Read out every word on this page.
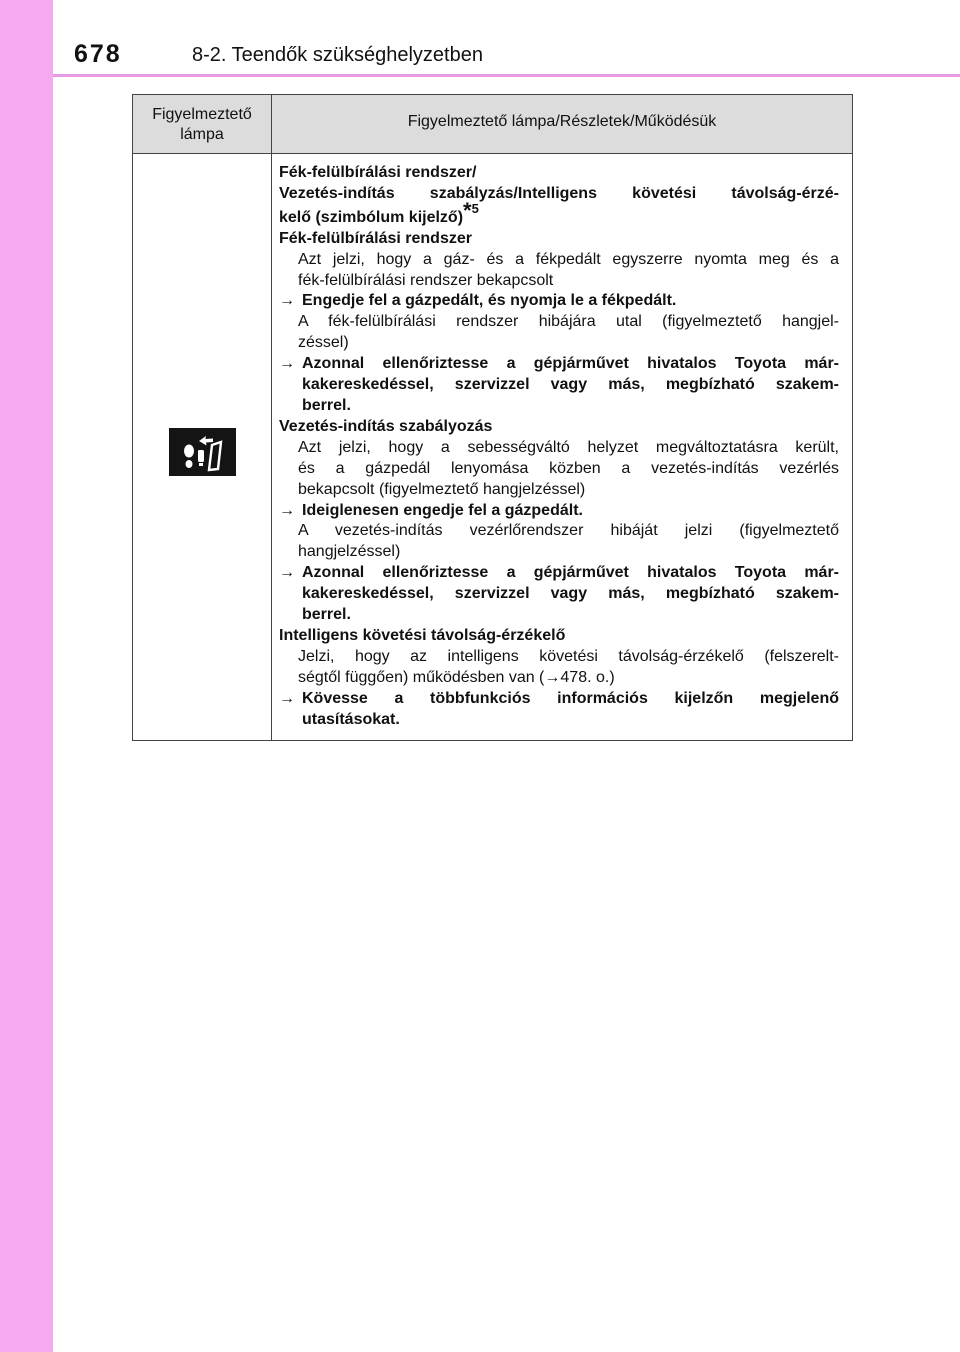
678	8-2. Teendők szükséghelyzetben
Figyelmeztető
lámpa
Figyelmeztető lámpa/Részletek/Működésük
Fék-felülbírálási rendszer/
Vezetés-indítás szabályzás/Intelligens követési távolság-érzé-
kelő (szimbólum kijelző)*$^5$
Fék-felülbírálási rendszer
Azt jelzi, hogy a gáz- és a fékpedált egyszerre nyomta meg és a
fék-felülbírálási rendszer bekapcsolt
→ Engedje fel a gázpedált, és nyomja le a fékpedált.
A fék-felülbírálási rendszer hibájára utal (figyelmeztető hangjel-
zéssel)
→ Azonnal ellenőriztesse a gépjárművet hivatalos Toyota már-
kakereskedéssel, szervizzel vagy más, megbízható szakem-
berrel.
Vezetés-indítás szabályozás
Azt jelzi, hogy a sebességváltó helyzet megváltoztatásra került,
és a gázpedál lenyomása közben a vezetés-indítás vezérlés
bekapcsolt (figyelmeztető hangjelzéssel)
→ Ideiglenesen engedje fel a gázpedált.
A vezetés-indítás vezérlőrendszer hibáját jelzi (figyelmeztető
hangjelzéssel)
→ Azonnal ellenőriztesse a gépjárművet hivatalos Toyota már-
kakereskedéssel, szervizzel vagy más, megbízható szakem-
berrel.
Intelligens követési távolság-érzékelő
Jelzi, hogy az intelligens követési távolság-érzékelő (felszerelt-
ségtől függően) működésben van (→478. o.)
→ Kövesse a többfunkciós információs kijelzőn megjelenő
utasításokat.
